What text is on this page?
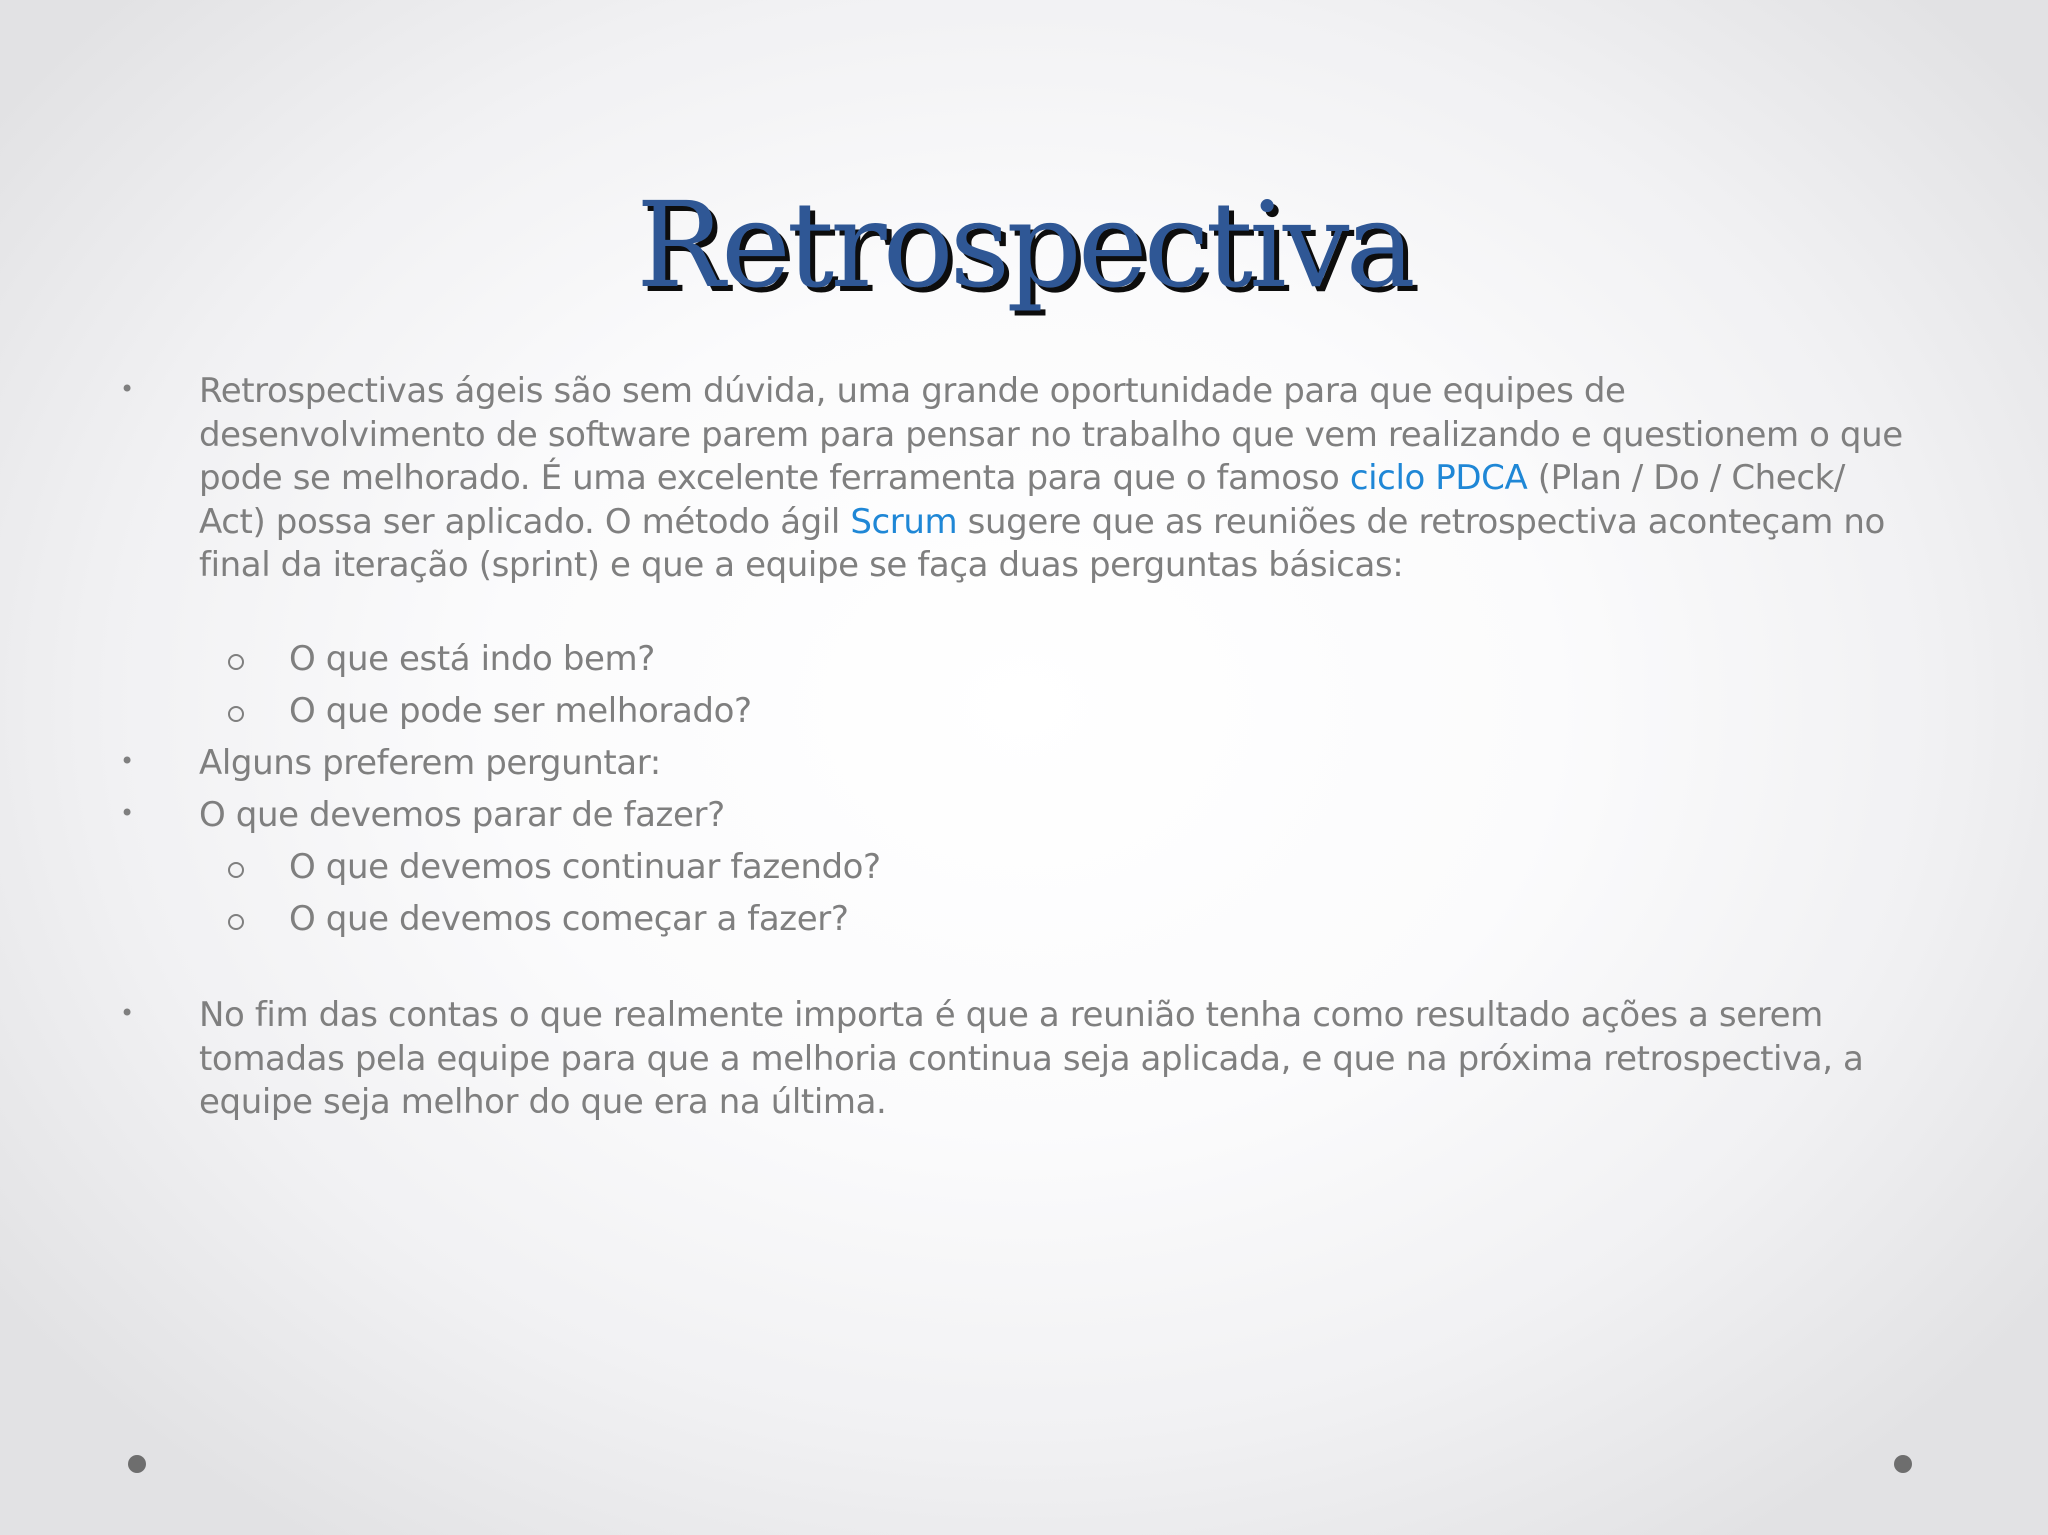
Retrospectiva
• Retrospectivas ágeis são sem dúvida, uma grande oportunidade para que equipes de desenvolvimento de software parem para pensar no trabalho que vem realizando e questionem o que pode se melhorado. É uma excelente ferramenta para que o famoso ciclo PDCA (Plan / Do / Check/ Act) possa ser aplicado. O método ágil Scrum sugere que as reuniões de retrospectiva aconteçam no final da iteração (sprint) e que a equipe se faça duas perguntas básicas:
O que está indo bem?
O que pode ser melhorado?
• Alguns preferem perguntar:
• O que devemos parar de fazer?
O que devemos continuar fazendo?
O que devemos começar a fazer?
• No fim das contas o que realmente importa é que a reunião tenha como resultado ações a serem tomadas pela equipe para que a melhoria continua seja aplicada, e que na próxima retrospectiva, a equipe seja melhor do que era na última.
